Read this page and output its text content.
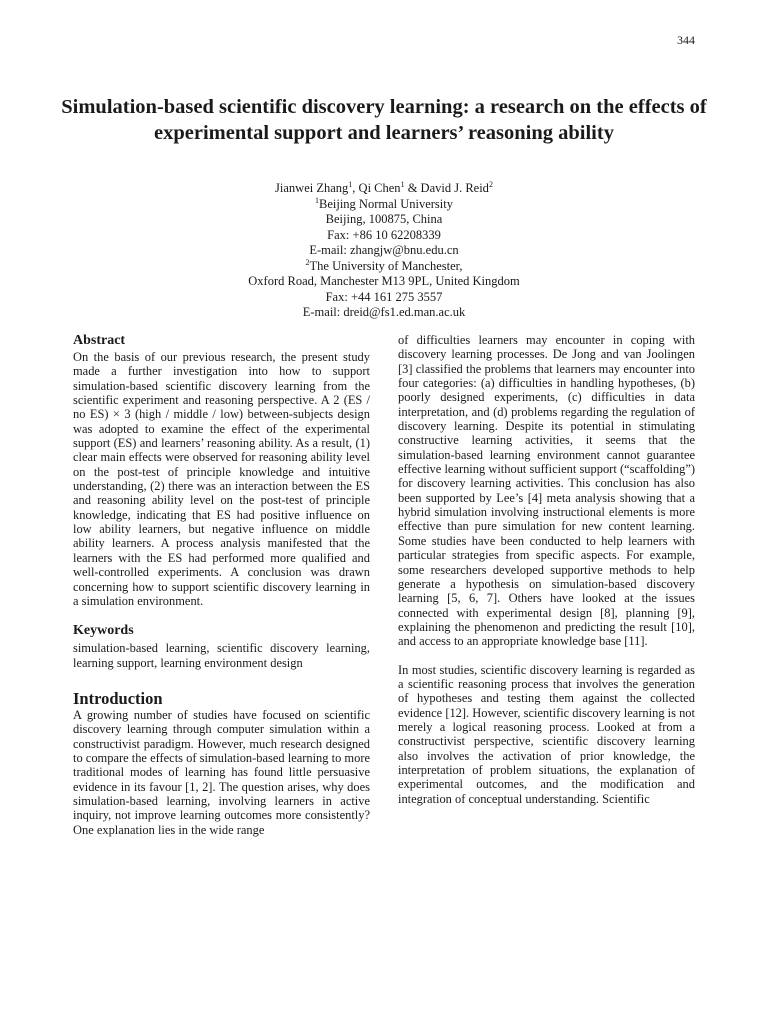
344
Simulation-based scientific discovery learning: a research on the effects of experimental support and learners’ reasoning ability
Jianwei Zhang$^1$, Qi Chen$^1$ & David J. Reid$^2$
$^1$Beijing Normal University
Beijing, 100875, China
Fax: +86 10 62208339
E-mail: zhangjw@bnu.edu.cn
$^2$The University of Manchester,
Oxford Road, Manchester M13 9PL, United Kingdom
Fax: +44 161 275 3557
E-mail: dreid@fs1.ed.man.ac.uk
Abstract

On the basis of our previous research, the present study made a further investigation into how to support simulation-based scientific discovery learning from the scientific experiment and reasoning perspective. A 2 (ES / no ES) × 3 (high / middle / low) between-subjects design was adopted to examine the effect of the experimental support (ES) and learners’ reasoning ability. As a result, (1) clear main effects were observed for reasoning ability level on the post-test of principle knowledge and intuitive understanding, (2) there was an interaction between the ES and reasoning ability level on the post-test of principle knowledge, indicating that ES had positive influence on low ability learners, but negative influence on middle ability learners. A process analysis manifested that the learners with the ES had performed more qualified and well-controlled experiments. A conclusion was drawn concerning how to support scientific discovery learning in a simulation environment.

Keywords

simulation-based learning, scientific discovery learning, learning support, learning environment design

Introduction

A growing number of studies have focused on scientific discovery learning through computer simulation within a constructivist paradigm. However, much research designed to compare the effects of simulation-based learning to more traditional modes of learning has found little persuasive evidence in its favour [1, 2]. The question arises, why does simulation-based learning, involving learners in active inquiry, not improve learning outcomes more consistently? One explanation lies in the wide range

of difficulties learners may encounter in coping with discovery learning processes. De Jong and van Joolingen [3] classified the problems that learners may encounter into four categories: (a) difficulties in handling hypotheses, (b) poorly designed experiments, (c) difficulties in data interpretation, and (d) problems regarding the regulation of discovery learning. Despite its potential in stimulating constructive learning activities, it seems that the simulation-based learning environment cannot guarantee effective learning without sufficient support (“scaffolding”) for discovery learning activities. This conclusion has also been supported by Lee’s [4] meta analysis showing that a hybrid simulation involving instructional elements is more effective than pure simulation for new content learning. Some studies have been conducted to help learners with particular strategies from specific aspects. For example, some researchers developed supportive methods to help generate a hypothesis on simulation-based discovery learning [5, 6, 7]. Others have looked at the issues connected with experimental design [8], planning [9], explaining the phenomenon and predicting the result [10], and access to an appropriate knowledge base [11].

In most studies, scientific discovery learning is regarded as a scientific reasoning process that involves the generation of hypotheses and testing them against the collected evidence [12]. However, scientific discovery learning is not merely a logical reasoning process. Looked at from a constructivist perspective, scientific discovery learning also involves the activation of prior knowledge, the interpretation of problem situations, the explanation of experimental outcomes, and the modification and integration of conceptual understanding. Scientific
